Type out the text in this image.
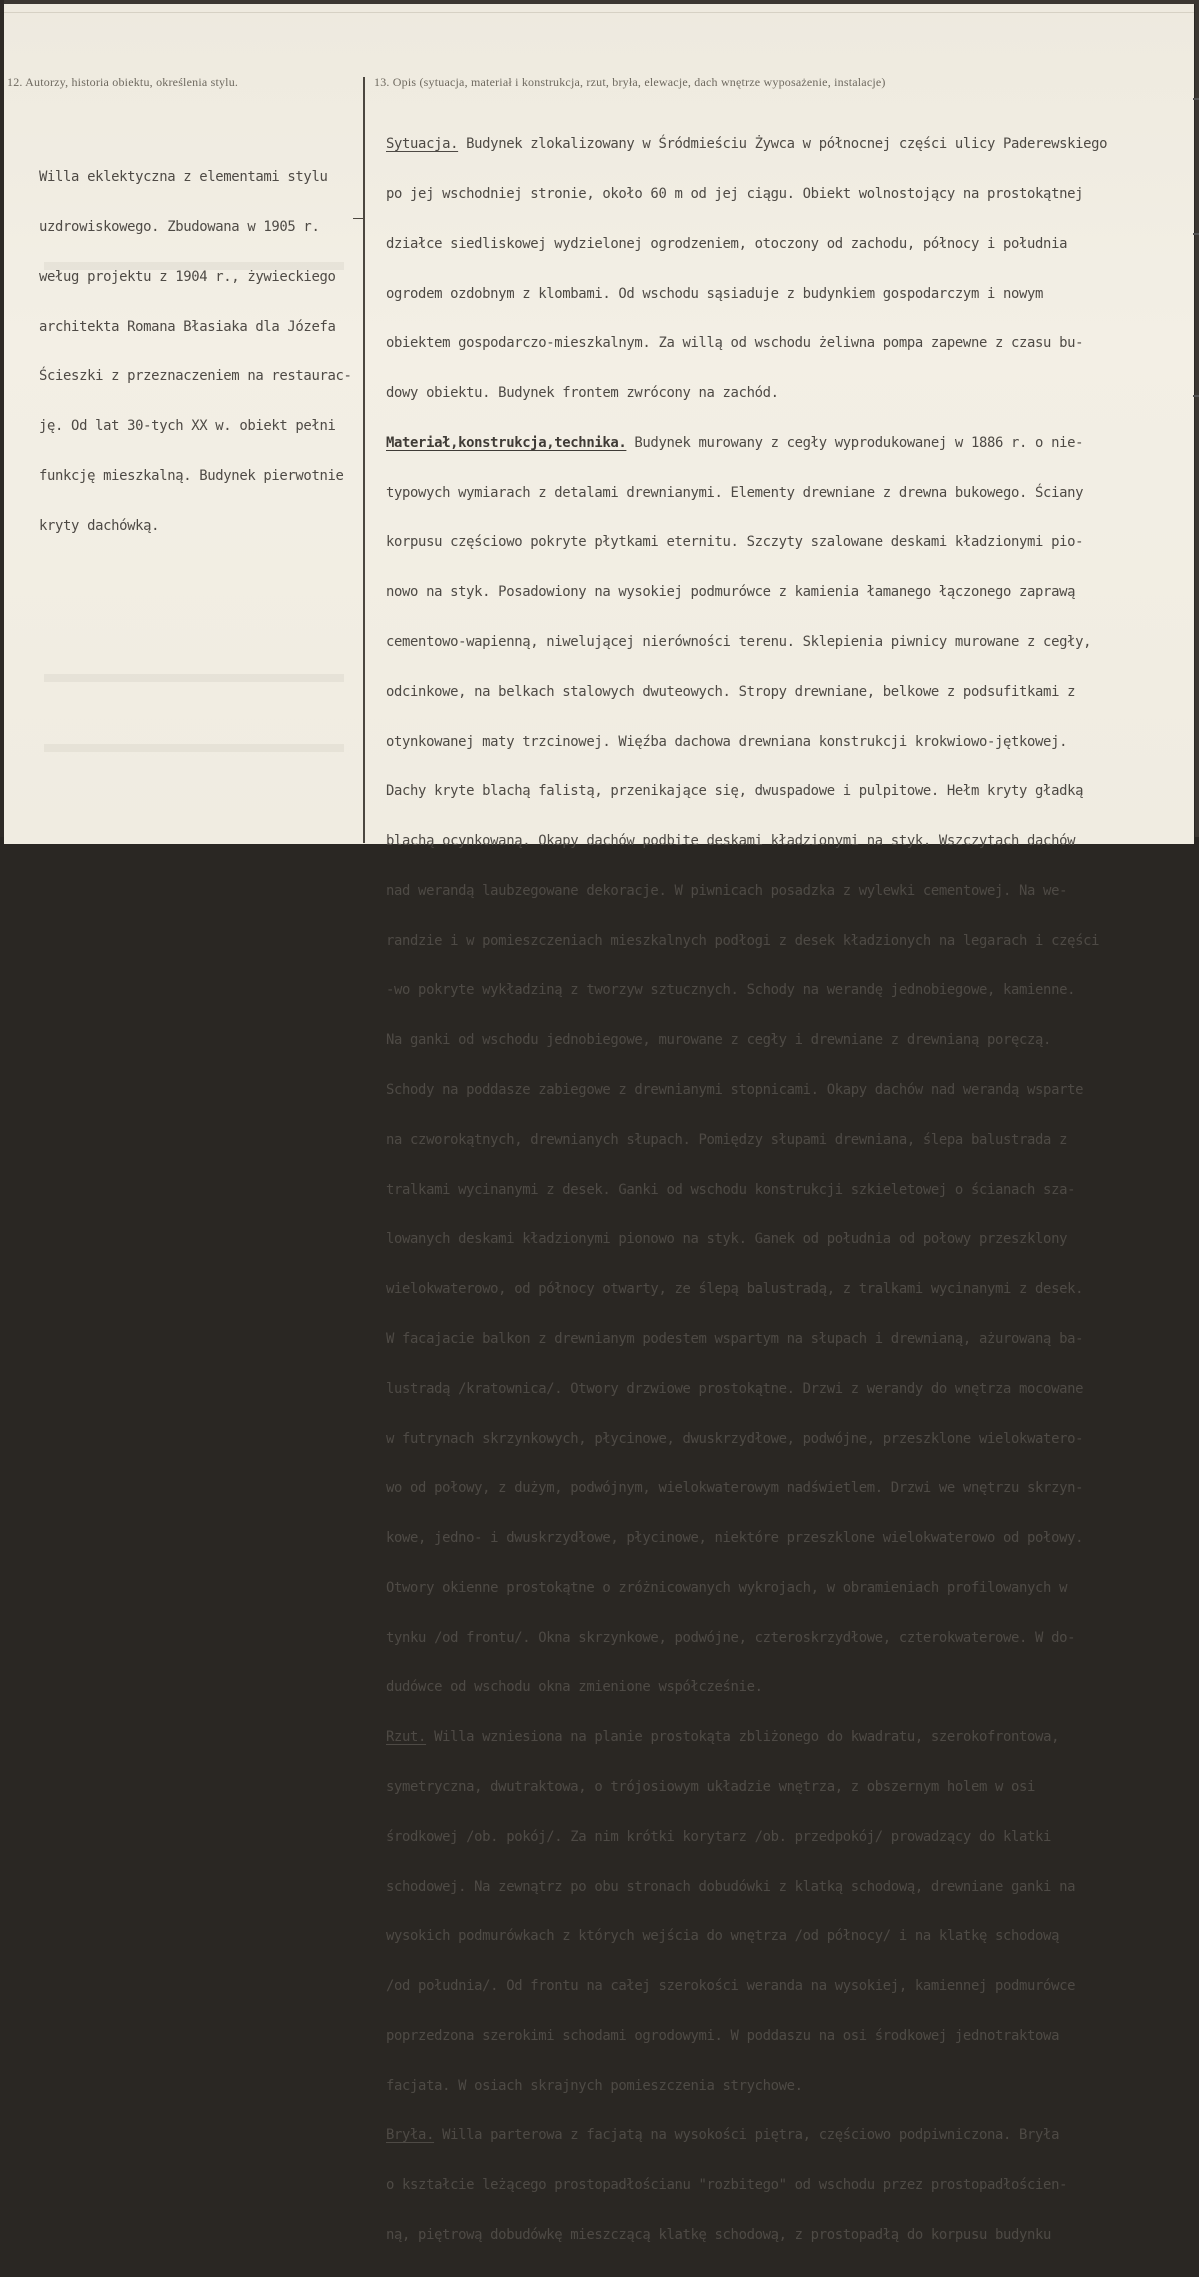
12. Autorzy, historia obiektu, określenia stylu.	13. Opis (sytuacja, materiał i konstrukcja, rzut, bryła, elewacje, dach wnętrze wyposażenie, instalacje)

Willa eklektyczna z elementami stylu

uzdrowiskowego. Zbudowana w 1905 r.

weług projektu z 1904 r., żywieckiego

architekta Romana Błasiaka dla Józefa

Ścieszki z przeznaczeniem na restaurac-

ję. Od lat 30-tych XX w. obiekt pełni

funkcję mieszkalną. Budynek pierwotnie

kryty dachówką.

Sytuacja. Budynek zlokalizowany w Śródmieściu Żywca w północnej części ulicy Paderewskiego

po jej wschodniej stronie, około 60 m od jej ciągu. Obiekt wolnostojący na prostokątnej

działce siedliskowej wydzielonej ogrodzeniem, otoczony od zachodu, północy i południa

ogrodem ozdobnym z klombami. Od wschodu sąsiaduje z budynkiem gospodarczym i nowym

obiektem gospodarczo-mieszkalnym. Za willą od wschodu żeliwna pompa zapewne z czasu bu-

dowy obiektu. Budynek frontem zwrócony na zachód.

Materiał,konstrukcja,technika. Budynek murowany z cegły wyprodukowanej w 1886 r. o nie-

typowych wymiarach z detalami drewnianymi. Elementy drewniane z drewna bukowego. Ściany

korpusu częściowo pokryte płytkami eternitu. Szczyty szalowane deskami kładzionymi pio-

nowo na styk. Posadowiony na wysokiej podmurówce z kamienia łamanego łączonego zaprawą

cementowo-wapienną, niwelującej nierówności terenu. Sklepienia piwnicy murowane z cegły,

odcinkowe, na belkach stalowych dwuteowych. Stropy drewniane, belkowe z podsufitkami z

otynkowanej maty trzcinowej. Więźba dachowa drewniana konstrukcji krokwiowo-jętkowej.

Dachy kryte blachą falistą, przenikające się, dwuspadowe i pulpitowe. Hełm kryty gładką

blachą ocynkowaną. Okapy dachów podbite deskami kładzionymi na styk. Wszczytach dachów

nad werandą laubzegowane dekoracje. W piwnicach posadzka z wylewki cementowej. Na we-

randzie i w pomieszczeniach mieszkalnych podłogi z desek kładzionych na legarach i części

-wo pokryte wykładziną z tworzyw sztucznych. Schody na werandę jednobiegowe, kamienne.

Na ganki od wschodu jednobiegowe, murowane z cegły i drewniane z drewnianą poręczą.

Schody na poddasze zabiegowe z drewnianymi stopnicami. Okapy dachów nad werandą wsparte

na czworokątnych, drewnianych słupach. Pomiędzy słupami drewniana, ślepa balustrada z

tralkami wycinanymi z desek. Ganki od wschodu konstrukcji szkieletowej o ścianach sza-

lowanych deskami kładzionymi pionowo na styk. Ganek od południa od połowy przeszklony

wielokwaterowo, od północy otwarty, ze ślepą balustradą, z tralkami wycinanymi z desek.

W facajacie balkon z drewnianym podestem wspartym na słupach i drewnianą, ażurowaną ba-

lustradą /kratownica/. Otwory drzwiowe prostokątne. Drzwi z werandy do wnętrza mocowane

w futrynach skrzynkowych, płycinowe, dwuskrzydłowe, podwójne, przeszklone wielokwatero-

wo od połowy, z dużym, podwójnym, wielokwaterowym nadświetlem. Drzwi we wnętrzu skrzyn-

kowe, jedno- i dwuskrzydłowe, płycinowe, niektóre przeszklone wielokwaterowo od połowy.

Otwory okienne prostokątne o zróżnicowanych wykrojach, w obramieniach profilowanych w

tynku /od frontu/. Okna skrzynkowe, podwójne, czteroskrzydłowe, czterokwaterowe. W do-

dudówce od wschodu okna zmienione współcześnie.

Rzut. Willa wzniesiona na planie prostokąta zbliżonego do kwadratu, szerokofrontowa,

symetryczna, dwutraktowa, o trójosiowym układzie wnętrza, z obszernym holem w osi

środkowej /ob. pokój/. Za nim krótki korytarz /ob. przedpokój/ prowadzący do klatki

schodowej. Na zewnątrz po obu stronach dobudówki z klatką schodową, drewniane ganki na

wysokich podmurówkach z których wejścia do wnętrza /od północy/ i na klatkę schodową

/od południa/. Od frontu na całej szerokości weranda na wysokiej, kamiennej podmurówce

poprzedzona szerokimi schodami ogrodowymi. W poddaszu na osi środkowej jednotraktowa

facjata. W osiach skrajnych pomieszczenia strychowe.

Bryła. Willa parterowa z facjatą na wysokości piętra, częściowo podpiwniczona. Bryła

o kształcie leżącego prostopadłościanu "rozbitego" od wschodu przez prostopadłościen-

ną, piętrową dobudówkę mieszczącą klatkę schodową, z prostopadłą do korpusu budynku
